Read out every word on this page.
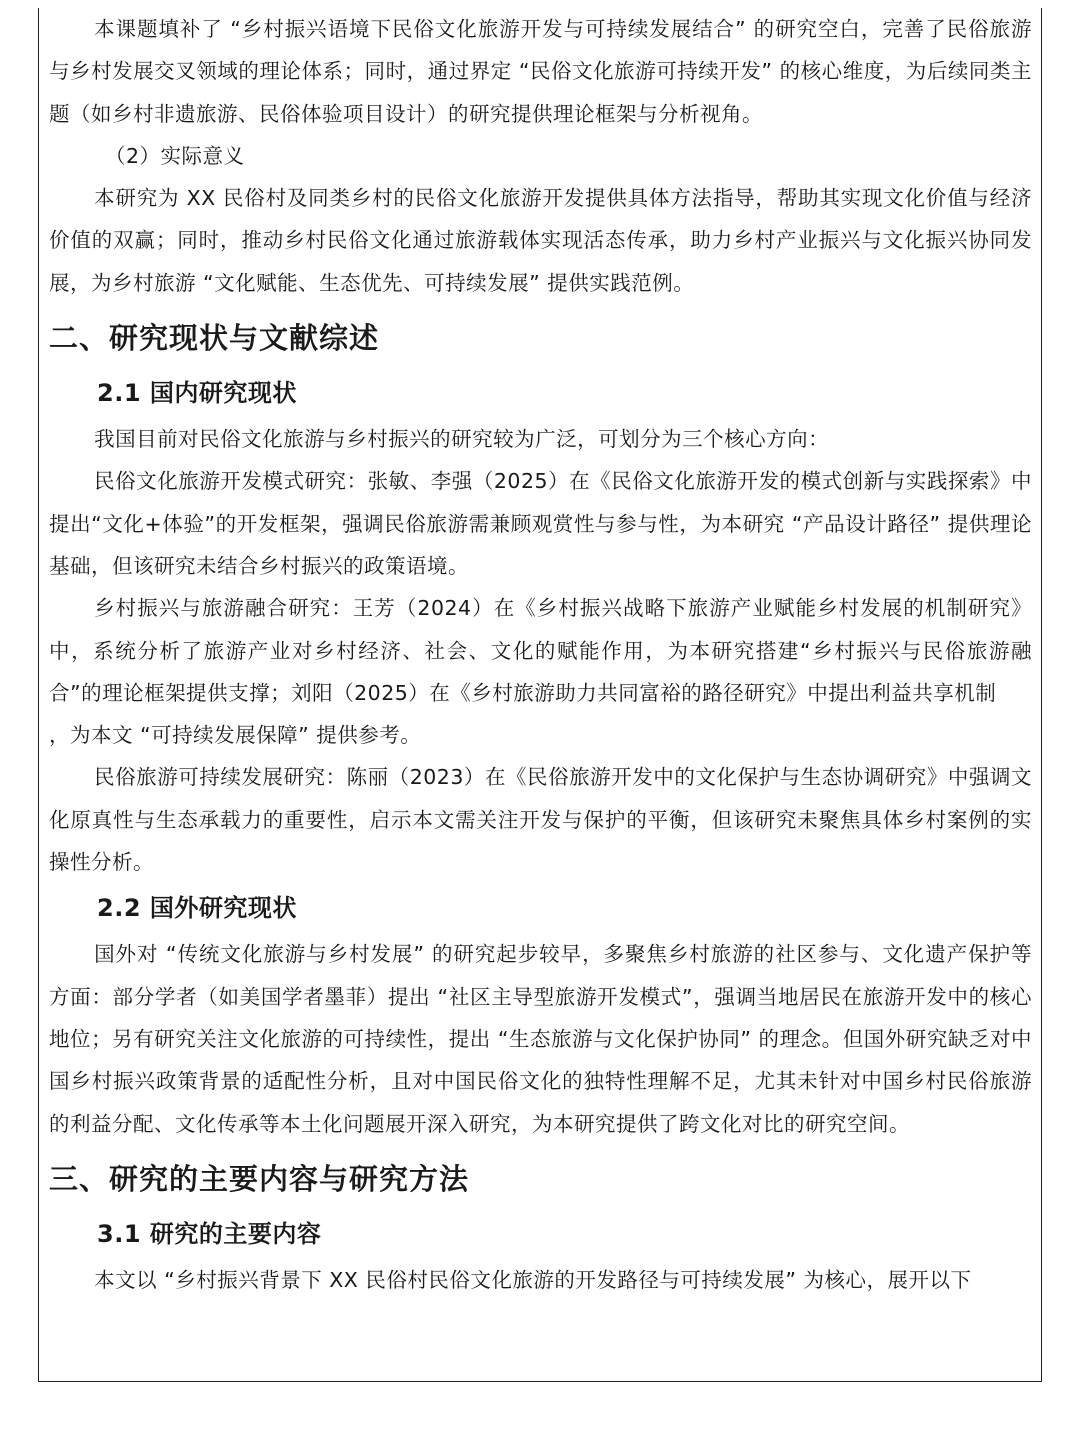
本课题填补了 “乡村振兴语境下民俗文化旅游开发与可持续发展结合” 的研究空白，完善了民俗旅游与乡村发展交叉领域的理论体系；同时，通过界定 “民俗文化旅游可持续开发” 的核心维度，为后续同类主题（如乡村非遗旅游、民俗体验项目设计）的研究提供理论框架与分析视角。

（2）实际意义

本研究为 XX 民俗村及同类乡村的民俗文化旅游开发提供具体方法指导，帮助其实现文化价值与经济价值的双赢；同时，推动乡村民俗文化通过旅游载体实现活态传承，助力乡村产业振兴与文化振兴协同发展，为乡村旅游 “文化赋能、生态优先、可持续发展” 提供实践范例。

二、研究现状与文献综述
2.1 国内研究现状

我国目前对民俗文化旅游与乡村振兴的研究较为广泛，可划分为三个核心方向：

民俗文化旅游开发模式研究：张敏、李强（2025）在《民俗文化旅游开发的模式创新与实践探索》中提出“文化+体验”的开发框架，强调民俗旅游需兼顾观赏性与参与性，为本研究 “产品设计路径” 提供理论基础，但该研究未结合乡村振兴的政策语境。

乡村振兴与旅游融合研究：王芳（2024）在《乡村振兴战略下旅游产业赋能乡村发展的机制研究》中，系统分析了旅游产业对乡村经济、社会、文化的赋能作用，为本研究搭建“乡村振兴与民俗旅游融合”的理论框架提供支撑；刘阳（2025）在《乡村旅游助力共同富裕的路径研究》中提出利益共享机制

，为本文 “可持续发展保障” 提供参考。

民俗旅游可持续发展研究：陈丽（2023）在《民俗旅游开发中的文化保护与生态协调研究》中强调文化原真性与生态承载力的重要性，启示本文需关注开发与保护的平衡，但该研究未聚焦具体乡村案例的实操性分析。

2.2 国外研究现状

国外对 “传统文化旅游与乡村发展” 的研究起步较早，多聚焦乡村旅游的社区参与、文化遗产保护等方面：部分学者（如美国学者墨菲）提出 “社区主导型旅游开发模式”，强调当地居民在旅游开发中的核心地位；另有研究关注文化旅游的可持续性，提出 “生态旅游与文化保护协同” 的理念。但国外研究缺乏对中国乡村振兴政策背景的适配性分析，且对中国民俗文化的独特性理解不足，尤其未针对中国乡村民俗旅游的利益分配、文化传承等本土化问题展开深入研究，为本研究提供了跨文化对比的研究空间。

三、研究的主要内容与研究方法
3.1 研究的主要内容

本文以 “乡村振兴背景下 XX 民俗村民俗文化旅游的开发路径与可持续发展” 为核心，展开以下
